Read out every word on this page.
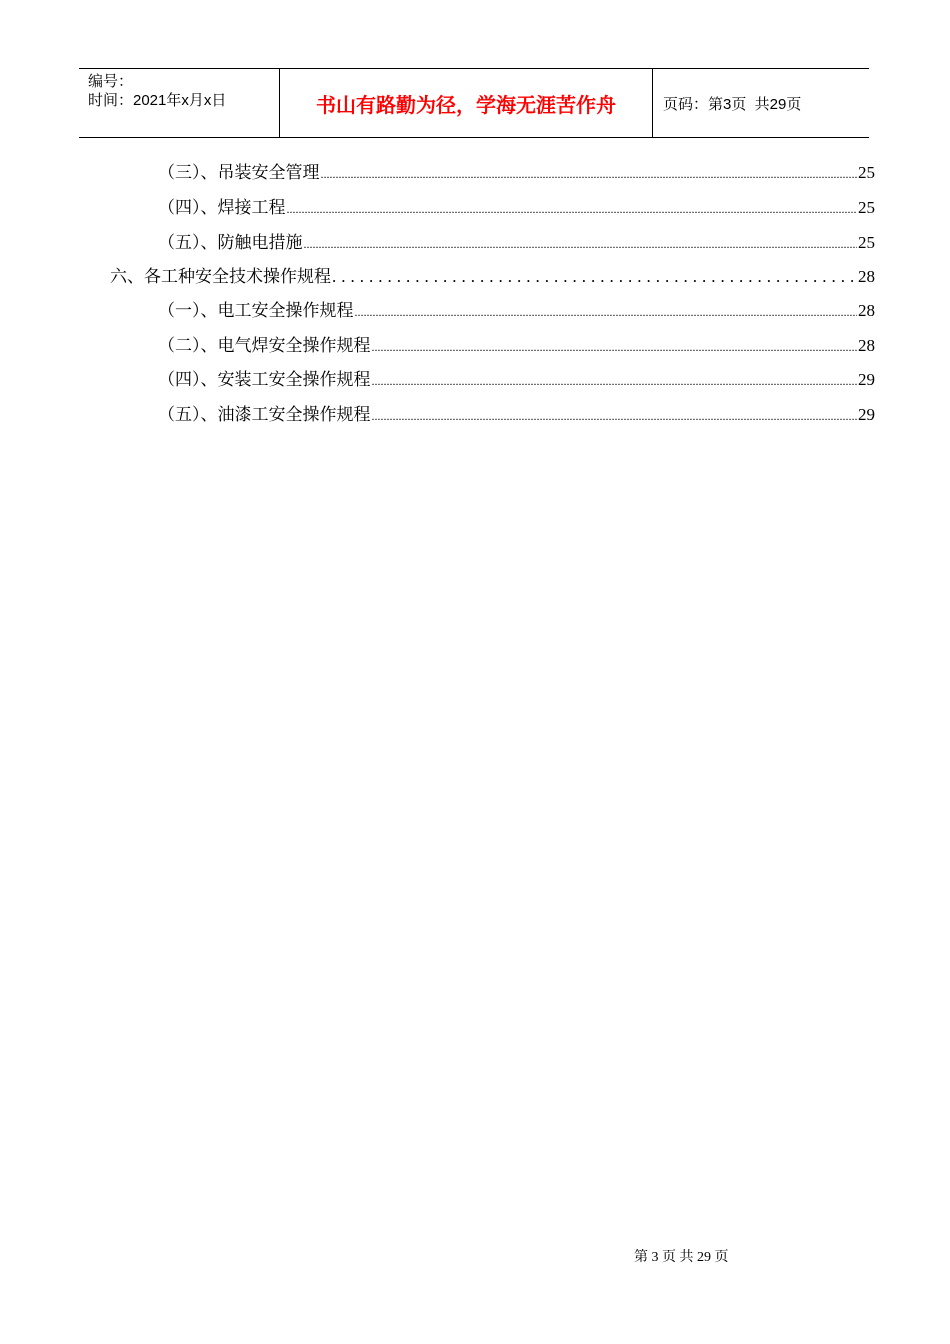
编号：
时间：2021年x月x日	书山有路勤为径，学海无涯苦作舟	页码：第3页  共29页
（三）、吊装安全管理 .....	25
（四）、焊接工程 .....	25
（五）、防触电措施 .....	25
六、各工种安全技术操作规程 .....	28
（一）、电工安全操作规程 .....	28
（二）、电气焊安全操作规程 .....	28
（四）、安装工安全操作规程 .....	29
（五）、油漆工安全操作规程 .....	29
第 3 页 共 29 页
